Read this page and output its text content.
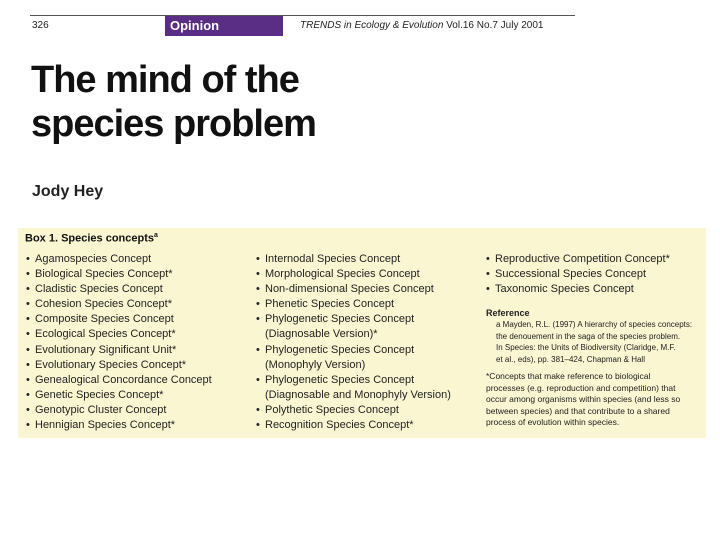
326	Opinion	TRENDS in Ecology & Evolution Vol.16 No.7 July 2001
The mind of the
species problem
Jody Hey
Box 1. Species concepts$^a$
• Agamospecies Concept
• Biological Species Concept*
• Cladistic Species Concept
• Cohesion Species Concept*
• Composite Species Concept
• Ecological Species Concept*
• Evolutionary Significant Unit*
• Evolutionary Species Concept*
• Genealogical Concordance Concept
• Genetic Species Concept*
• Genotypic Cluster Concept
• Hennigian Species Concept*
• Internodal Species Concept
• Morphological Species Concept
• Non-dimensional Species Concept
• Phenetic Species Concept
• Phylogenetic Species Concept
(Diagnosable Version)*
• Phylogenetic Species Concept
(Monophyly Version)
• Phylogenetic Species Concept
(Diagnosable and Monophyly Version)
• Polythetic Species Concept
• Recognition Species Concept*
• Reproductive Competition Concept*
• Successional Species Concept
• Taxonomic Species Concept
Reference
a Mayden, R.L. (1997) A hierarchy of species concepts:
the denouement in the saga of the species problem.
In Species: the Units of Biodiversity (Claridge, M.F.
et al., eds), pp. 381–424, Chapman & Hall
*Concepts that make reference to biological
processes (e.g. reproduction and competition) that
occur among organisms within species (and less so
between species) and that contribute to a shared
process of evolution within species.
